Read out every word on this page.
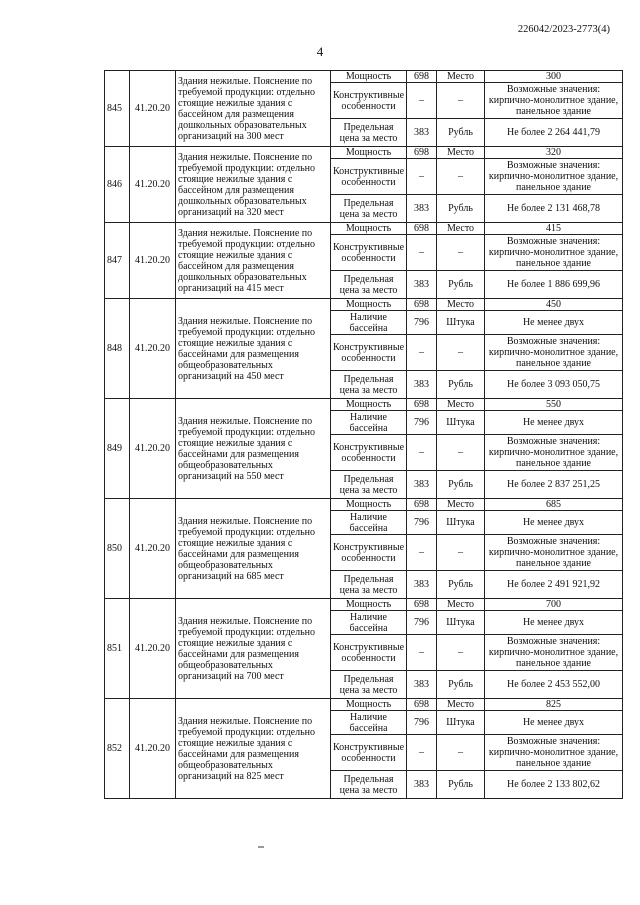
226042/2023-2773(4)
4
845	41.20.20	Здания нежилые. Пояснение по требуемой продукции: отдельно стоящие нежилые здания с бассейном для размещения дошкольных образовательных организаций на 300 мест	Мощность	698	Место	300
			Конструктивные особенности	–	–	Возможные значения: кирпично-монолитное здание, панельное здание
			Предельная цена за место	383	Рубль	Не более 2 264 441,79
846	41.20.20	Здания нежилые. Пояснение по требуемой продукции: отдельно стоящие нежилые здания с бассейном для размещения дошкольных образовательных организаций на 320 мест	Мощность	698	Место	320
			Конструктивные особенности	–	–	Возможные значения: кирпично-монолитное здание, панельное здание
			Предельная цена за место	383	Рубль	Не более 2 131 468,78
847	41.20.20	Здания нежилые. Пояснение по требуемой продукции: отдельно стоящие нежилые здания с бассейном для размещения дошкольных образовательных организаций на 415 мест	Мощность	698	Место	415
			Конструктивные особенности	–	–	Возможные значения: кирпично-монолитное здание, панельное здание
			Предельная цена за место	383	Рубль	Не более 1 886 699,96
848	41.20.20	Здания нежилые. Пояснение по требуемой продукции: отдельно стоящие нежилые здания с бассейнами для размещения общеобразовательных организаций на 450 мест	Мощность	698	Место	450
			Наличие бассейна	796	Штука	Не менее двух
			Конструктивные особенности	–	–	Возможные значения: кирпично-монолитное здание, панельное здание
			Предельная цена за место	383	Рубль	Не более 3 093 050,75
849	41.20.20	Здания нежилые. Пояснение по требуемой продукции: отдельно стоящие нежилые здания с бассейнами для размещения общеобразовательных организаций на 550 мест	Мощность	698	Место	550
			Наличие бассейна	796	Штука	Не менее двух
			Конструктивные особенности	–	–	Возможные значения: кирпично-монолитное здание, панельное здание
			Предельная цена за место	383	Рубль	Не более 2 837 251,25
850	41.20.20	Здания нежилые. Пояснение по требуемой продукции: отдельно стоящие нежилые здания с бассейнами для размещения общеобразовательных организаций на 685 мест	Мощность	698	Место	685
			Наличие бассейна	796	Штука	Не менее двух
			Конструктивные особенности	–	–	Возможные значения: кирпично-монолитное здание, панельное здание
			Предельная цена за место	383	Рубль	Не более 2 491 921,92
851	41.20.20	Здания нежилые. Пояснение по требуемой продукции: отдельно стоящие нежилые здания с бассейнами для размещения общеобразовательных организаций на 700 мест	Мощность	698	Место	700
			Наличие бассейна	796	Штука	Не менее двух
			Конструктивные особенности	–	–	Возможные значения: кирпично-монолитное здание, панельное здание
			Предельная цена за место	383	Рубль	Не более 2 453 552,00
852	41.20.20	Здания нежилые. Пояснение по требуемой продукции: отдельно стоящие нежилые здания с бассейнами для размещения общеобразовательных организаций на 825 мест	Мощность	698	Место	825
			Наличие бассейна	796	Штука	Не менее двух
			Конструктивные особенности	–	–	Возможные значения: кирпично-монолитное здание, панельное здание
			Предельная цена за место	383	Рубль	Не более 2 133 802,62
